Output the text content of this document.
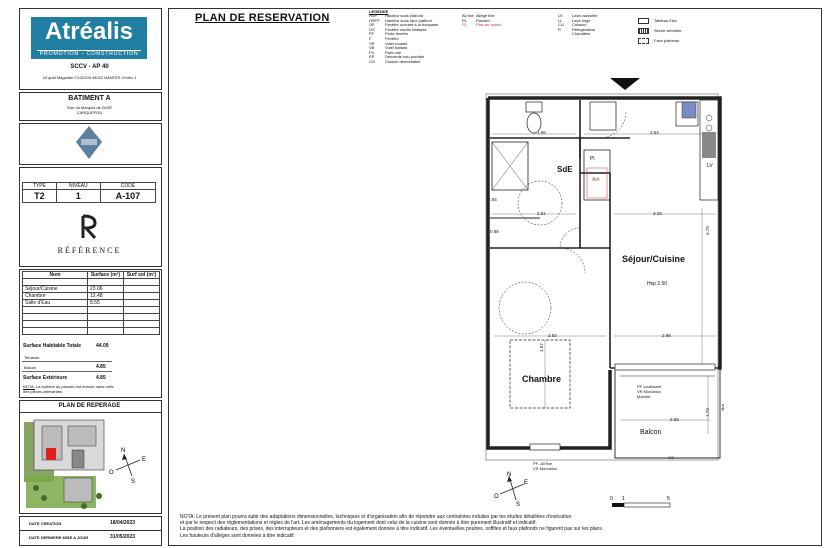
Atréalis
PROMOTION – CONSTRUCTION
SCCV - AP 40
24 quai Magellan CS32205 44022 NANTES Cédex 1
BATIMENT A
Rue du Marquis de DIOR
CARQUEFOU
TYPE	NIVEAU	CODE
T2	1	A-107
RÉFÉRENCE
Nom	Surface (m²)	Surf sol (m²)

Séjour/Cuisine	23.06	
Chambre	12.48	
Salle d'Eau	8.55	

Surface Habitable Totale	44.09
Terrasse
Balcon	4.85
Surface Extérieure	4.85
NOTA: La surface du placard est incluse dans celle
des pièces attenantes
PLAN DE REPERAGE
N
E
S
O
DATE CREATION	18/04/2023
DATE DERNIERE MISE A JOUR	31/05/2023
PLAN DE RESERVATION
LEGENDE
HSP Hauteur sous plafond
HSFP Hauteur sous faux plafond
OF	Fenêtre ouvrant à la française
OS	Fenêtre oscillo battante
PF	Porte fenêtre
F	Fenêtre
VR	Volet roulant
VB	Volet battant
PV	Pare-vue
EP	Descente eau pluviale
CD	Cloison démontable
All fixe Allège fixe
PL Placard
PL Plac.en option
LV Lave-vaisselle
LL Lave-linge
CU Cuisson
R	Réfrigérateur
Chaudière
Tableau Elec
Sèche serviette
Faux plafonds
SdE
Pl
Am
LV
Séjour/Cuisine
Hsp 2.50
Chambre
Balcon
1.96	3.64
2.61	3.33
6.79
2.82	2.98
4.67
2.69
1.79
2.65
0.88
PF coulissant
VR Monobloc
Marche
PF- All fixe
VR Monobloc
GC
Mur
N
E
S
O	0 1	5
NOTA: Le présent plan pourra subir des adaptations dimensionnelles, techniques et d'organisation afin de répondre aux contraintes induites par les études détaillées d'exécution
et par le respect des réglementations et règles de l'art. Les aménagements du logement dont celui de la cuisine sont donnés à titre purement illustratif et indicatif.
La position des radiateurs, des prises, des interrupteurs et des plafonniers est également donnée à titre indicatif. Les éventuelles poutres, soffites et faux plafonds ne figurent pas sur les plans.
Les hauteurs d'allèges sont données à titre indicatif.
